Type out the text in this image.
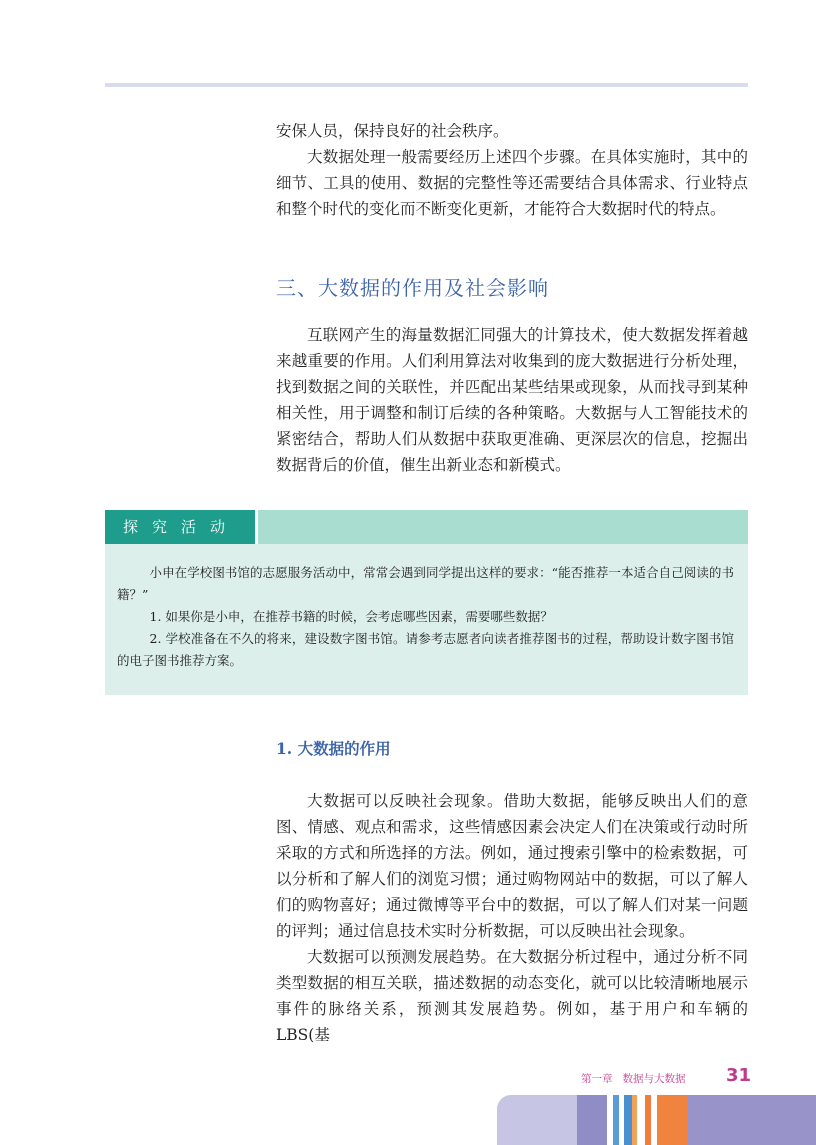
安保人员，保持良好的社会秩序。

大数据处理一般需要经历上述四个步骤。在具体实施时，其中的细节、工具的使用、数据的完整性等还需要结合具体需求、行业特点和整个时代的变化而不断变化更新，才能符合大数据时代的特点。

三、大数据的作用及社会影响

互联网产生的海量数据汇同强大的计算技术，使大数据发挥着越来越重要的作用。人们利用算法对收集到的庞大数据进行分析处理，找到数据之间的关联性，并匹配出某些结果或现象，从而找寻到某种相关性，用于调整和制订后续的各种策略。大数据与人工智能技术的紧密结合，帮助人们从数据中获取更准确、更深层次的信息，挖掘出数据背后的价值，催生出新业态和新模式。

探究活动

小申在学校图书馆的志愿服务活动中，常常会遇到同学提出这样的要求：“能否推荐一本适合自己阅读的书籍？”

1. 如果你是小申，在推荐书籍的时候，会考虑哪些因素，需要哪些数据？

2. 学校准备在不久的将来，建设数字图书馆。请参考志愿者向读者推荐图书的过程，帮助设计数字图书馆的电子图书推荐方案。

1. 大数据的作用

大数据可以反映社会现象。借助大数据，能够反映出人们的意图、情感、观点和需求，这些情感因素会决定人们在决策或行动时所采取的方式和所选择的方法。例如，通过搜索引擎中的检索数据，可以分析和了解人们的浏览习惯；通过购物网站中的数据，可以了解人们的购物喜好；通过微博等平台中的数据，可以了解人们对某一问题的评判；通过信息技术实时分析数据，可以反映出社会现象。

大数据可以预测发展趋势。在大数据分析过程中，通过分析不同类型数据的相互关联，描述数据的动态变化，就可以比较清晰地展示事件的脉络关系，预测其发展趋势。例如，基于用户和车辆的LBS(基

第一章 数据与大数据	31
